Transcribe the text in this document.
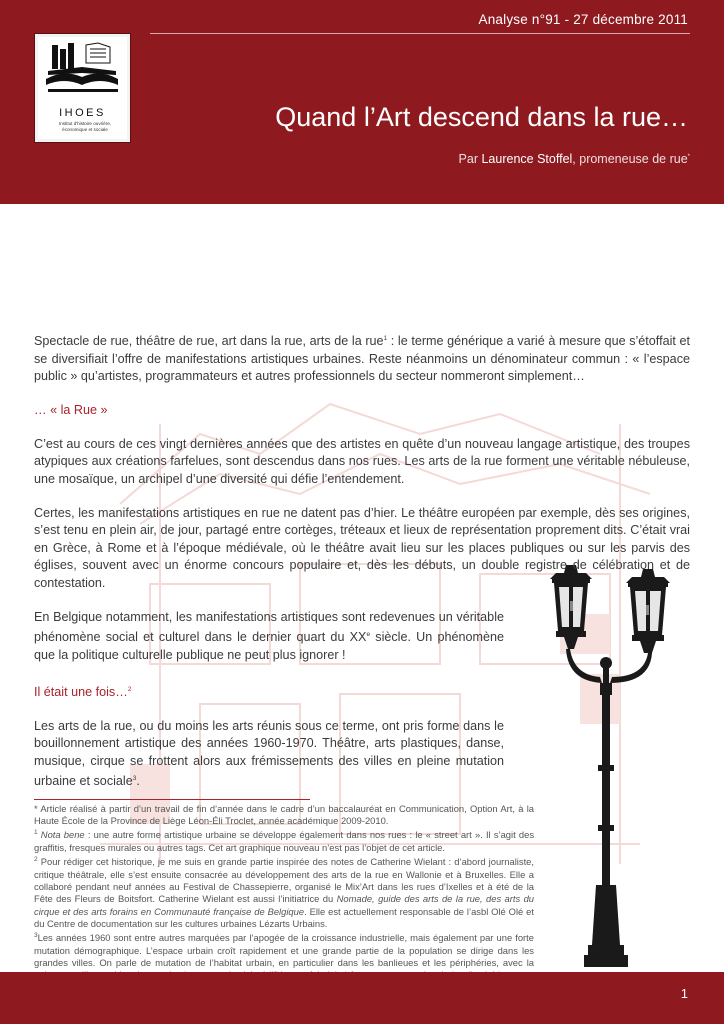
Analyse n°91 - 27 décembre 2011
IHOES
Institut d'histoire ouvrière, économique et sociale	Quand l’Art descend dans la rue…
Par Laurence Stoffel, promeneuse de rue*

Spectacle de rue, théâtre de rue, art dans la rue, arts de la rue$^1$ : le terme générique a varié à mesure que s’étoffait et se diversifiait l’offre de manifestations artistiques urbaines. Reste néanmoins un dénominateur commun : « l’espace public » qu’artistes, programmateurs et autres professionnels du secteur nommeront simplement…

… « la Rue »

C’est au cours de ces vingt dernières années que des artistes en quête d’un nouveau langage artistique, des troupes atypiques aux créations farfelues, sont descendus dans nos rues. Les arts de la rue forment une véritable nébuleuse, une mosaïque, un archipel d’une diversité qui défie l’entendement.

Certes, les manifestations artistiques en rue ne datent pas d’hier. Le théâtre européen par exemple, dès ses origines, s’est tenu en plein air, de jour, partagé entre cortèges, tréteaux et lieux de représentation proprement dits. C’était vrai en Grèce, à Rome et à l’époque médiévale, où le théâtre avait lieu sur les places publiques ou sur les parvis des églises, souvent avec un énorme concours populaire et, dès les débuts, un double registre de célébration et de contestation.

En Belgique notamment, les manifestations artistiques sont redevenues un véritable phénomène social et culturel dans le dernier quart du XXe siècle. Un phénomène que la politique culturelle publique ne peut plus ignorer !

Il était une fois…$^2$

Les arts de la rue, ou du moins les arts réunis sous ce terme, ont pris forme dans le bouillonnement artistique des années 1960-1970. Théâtre, arts plastiques, danse, musique, cirque se frottent alors aux frémissements des villes en pleine mutation urbaine et sociale$^3$.

* Article réalisé à partir d’un travail de fin d’année dans le cadre d’un baccalauréat en Communication, Option Art, à la Haute École de la Province de Liège Léon-Éli Troclet, année académique 2009-2010.

$^1$ Nota bene : une autre forme artistique urbaine se développe également dans nos rues : le « street art ». Il s’agit des graffitis, fresques murales ou autres tags. Cet art graphique nouveau n’est pas l’objet de cet article.

$^2$ Pour rédiger cet historique, je me suis en grande partie inspirée des notes de Catherine Wielant : d’abord journaliste, critique théâtrale, elle s’est ensuite consacrée au développement des arts de la rue en Wallonie et à Bruxelles. Elle a collaboré pendant neuf années au Festival de Chassepierre, organisé le Mix’Art dans les rues d’Ixelles et à été de la Fête des Fleurs de Boitsfort. Catherine Wielant est aussi l’initiatrice du Nomade, guide des arts de la rue, des arts du cirque et des arts forains en Communauté française de Belgique. Elle est actuellement responsable de l’asbl Olé Olé et du Centre de documentation sur les cultures urbaines Lézarts Urbains.

$^3$Les années 1960 sont entre autres marquées par l’apogée de la croissance industrielle, mais également par une forte mutation démographique. L’espace urbain croît rapidement et une grande partie de la population se dirige dans les grandes villes. On parle de mutation de l’habitat urbain, en particulier dans les banlieues et les périphéries, avec la

1
